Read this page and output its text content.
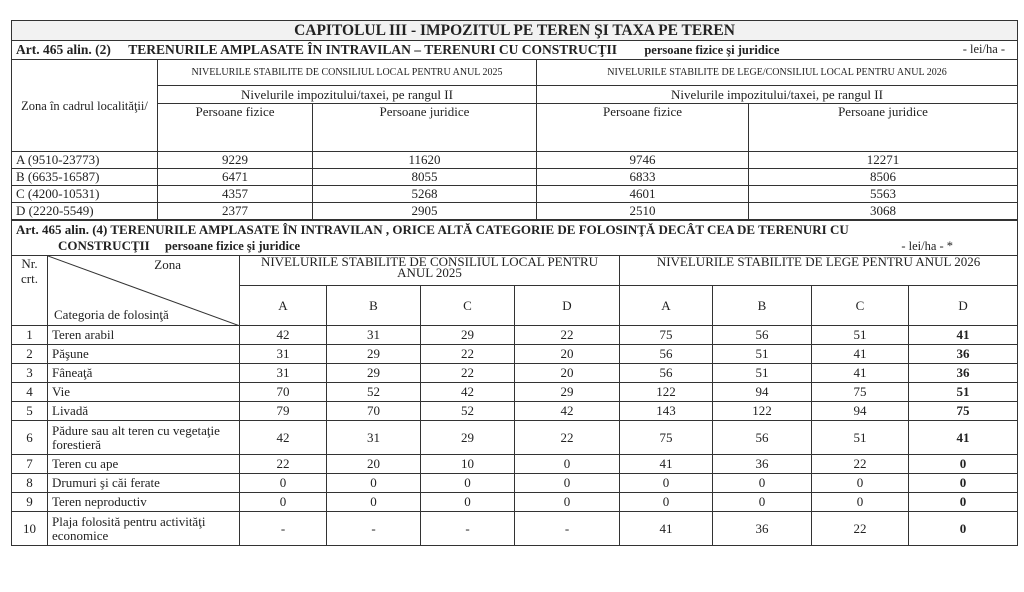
CAPITOLUL III - IMPOZITUL PE TEREN ŞI TAXA PE TEREN				
Art. 465 alin. (2) TERENURILE AMPLASATE ÎN INTRAVILAN – TERENURI CU CONSTRUCŢII persoane fizice şi juridice - lei/ha -				

Zona în cadrul localităţii/	NIVELURILE STABILITE DE CONSILIUL LOCAL PENTRU ANUL 2025		NIVELURILE STABILITE DE LEGE/CONSILIUL LOCAL PENTRU ANUL 2026	
	Nivelurile impozitului/taxei, pe rangul II		Nivelurile impozitului/taxei, pe rangul II	
	Persoane fizice	Persoane juridice	Persoane fizice	Persoane juridice
A (9510-23773)	9229	11620	9746	12271
B (6635-16587)	6471	8055	6833	8506
C (4200-10531)	4357	5268	4601	5563
D (2220-5549)	2377	2905	2510	3068
Art. 465 alin. (4) TERENURILE AMPLASATE ÎN INTRAVILAN , ORICE ALTĂ CATEGORIE DE FOLOSINŢĂ DECÂT CEA DE TERENURI CU
CONSTRUCŢII persoane fizice şi juridice - lei/ha - *									

Nr. crt.	Zona
Categoria de folosinţă	NIVELURILE STABILITE DE CONSILIUL LOCAL PENTRU ANUL 2025				NIVELURILE STABILITE DE LEGE PENTRU ANUL 2026			
		A	B	C	D	A	B	C	D
1	Teren arabil	42	31	29	22	75	56	51	41
2	Păşune	31	29	22	20	56	51	41	36
3	Fâneaţă	31	29	22	20	56	51	41	36
4	Vie	70	52	42	29	122	94	75	51
5	Livadă	79	70	52	42	143	122	94	75
6	Pădure sau alt teren cu vegetaţie forestieră	42	31	29	22	75	56	51	41
7	Teren cu ape	22	20	10	0	41	36	22	0
8	Drumuri şi căi ferate	0	0	0	0	0	0	0	0
9	Teren neproductiv	0	0	0	0	0	0	0	0
10	Plaja folosită pentru activităţi economice	-	-	-	-	41	36	22	0
